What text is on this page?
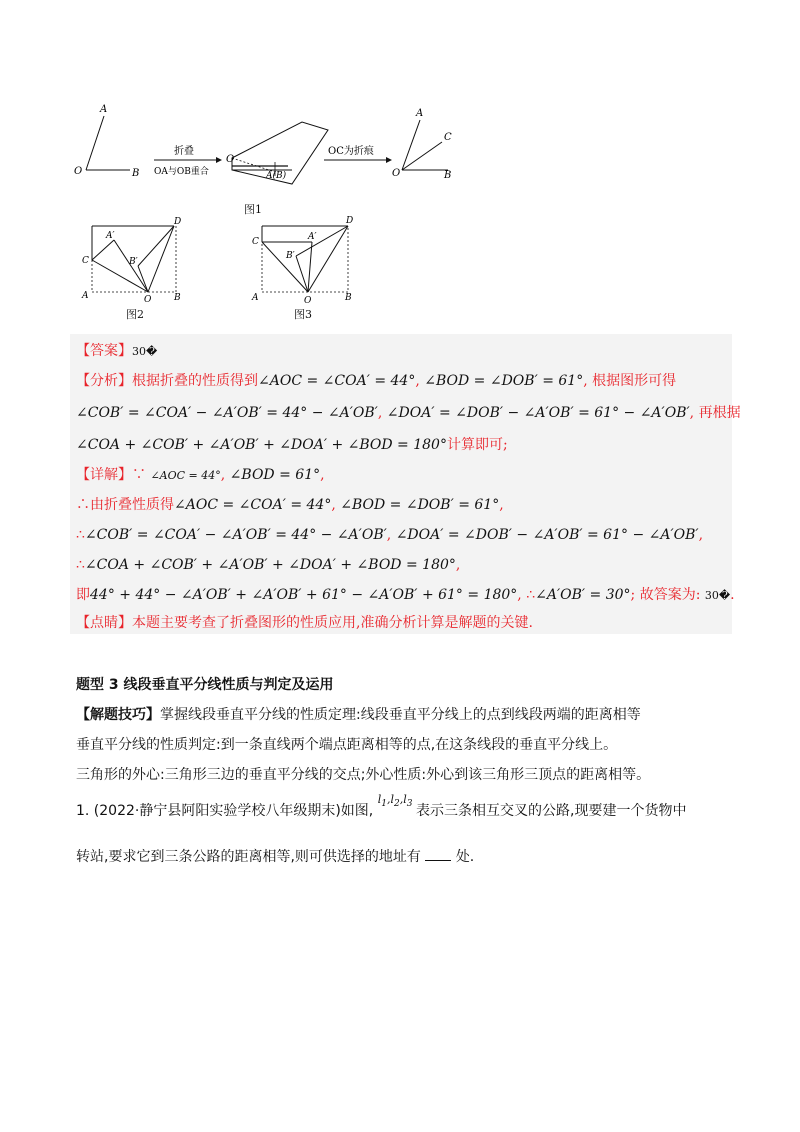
A
O	B
折叠
OA与OB重合
O
A(B)
OC为折痕
A
C
O	B
图1
D
A′
C	B′
A	O	B
图2
D
C	A′
B′
A	O	B
图3
【答案】30�
【分析】根据折叠的性质得到∠AOC = ∠COA′ = 44°, ∠BOD = ∠DOB′ = 61°, 根据图形可得
∠COB′ = ∠COA′ − ∠A′OB′ = 44° − ∠A′OB′, ∠DOA′ = ∠DOB′ − ∠A′OB′ = 61° − ∠A′OB′, 再根据
∠COA + ∠COB′ + ∠A′OB′ + ∠DOA′ + ∠BOD = 180°计算即可;
【详解】∵ ∠AOC = 44°, ∠BOD = 61°,
∴由折叠性质得∠AOC = ∠COA′ = 44°, ∠BOD = ∠DOB′ = 61°,
∴∠COB′ = ∠COA′ − ∠A′OB′ = 44° − ∠A′OB′, ∠DOA′ = ∠DOB′ − ∠A′OB′ = 61° − ∠A′OB′,
∴∠COA + ∠COB′ + ∠A′OB′ + ∠DOA′ + ∠BOD = 180°,
即44° + 44° − ∠A′OB′ + ∠A′OB′ + 61° − ∠A′OB′ + 61° = 180°, ∴∠A′OB′ = 30°; 故答案为: 30�.
【点睛】本题主要考查了折叠图形的性质应用,准确分析计算是解题的关键.
题型 3 线段垂直平分线性质与判定及运用
【解题技巧】掌握线段垂直平分线的性质定理:线段垂直平分线上的点到线段两端的距离相等
垂直平分线的性质判定:到一条直线两个端点距离相等的点,在这条线段的垂直平分线上。
三角形的外心:三角形三边的垂直平分线的交点;外心性质:外心到该三角形三顶点的距离相等。
1. (2022·静宁县阿阳实验学校八年级期末)如图, $^{l_1,l_2,l_3}$ 表示三条相互交叉的公路,现要建一个货物中
转站,要求它到三条公路的距离相等,则可供选择的地址有 处.
